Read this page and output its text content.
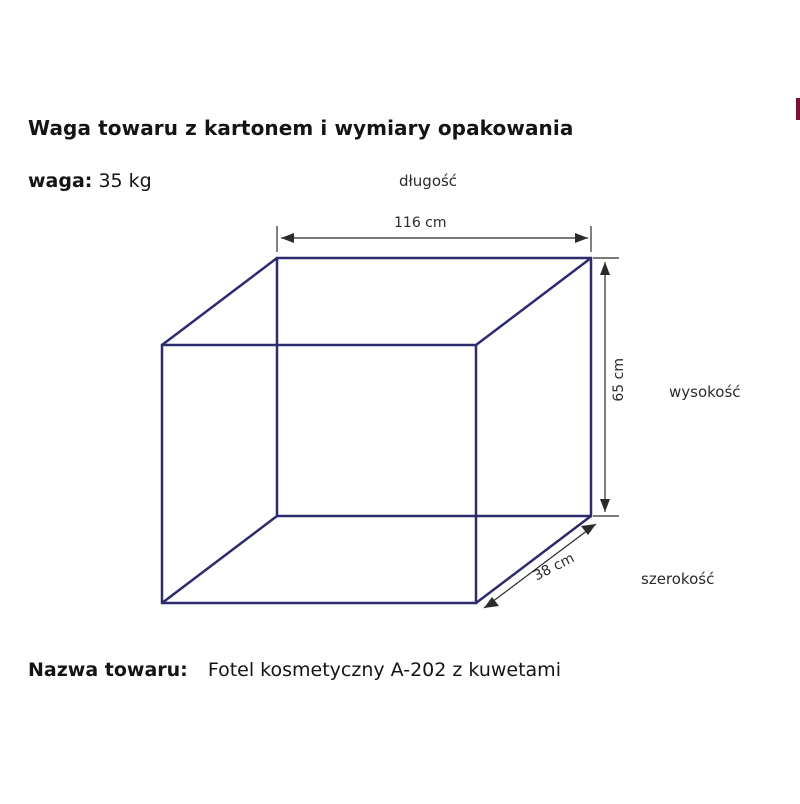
Waga towaru z kartonem i wymiary opakowania
waga: 35 kg	długość
wysokość
szerokość
116 cm
65 cm
38 cm
Nazwa towaru: Fotel kosmetyczny A-202 z kuwetami
